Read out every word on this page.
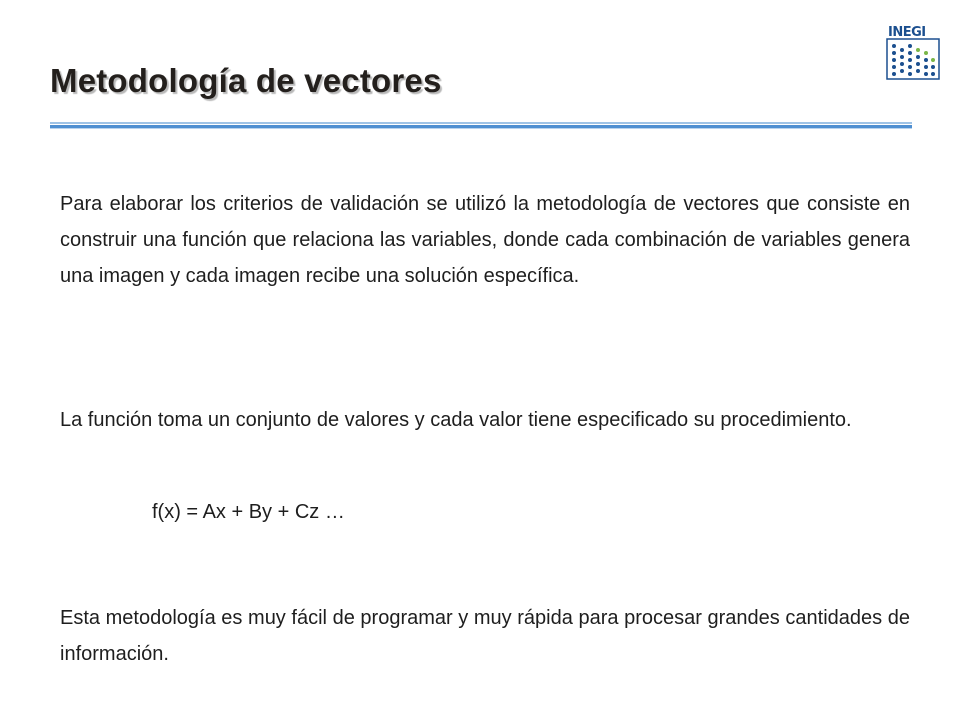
Metodología de vectores
INEGI

Para elaborar los criterios de validación se utilizó la metodología de vectores que consiste en construir una función que relaciona las variables, donde cada combinación de variables genera una imagen y cada imagen recibe una solución específica.

La función toma un conjunto de valores y cada valor tiene especificado su procedimiento.

f(x) = Ax + By + Cz …

Esta metodología es muy fácil de programar y muy rápida para procesar grandes cantidades de información.
